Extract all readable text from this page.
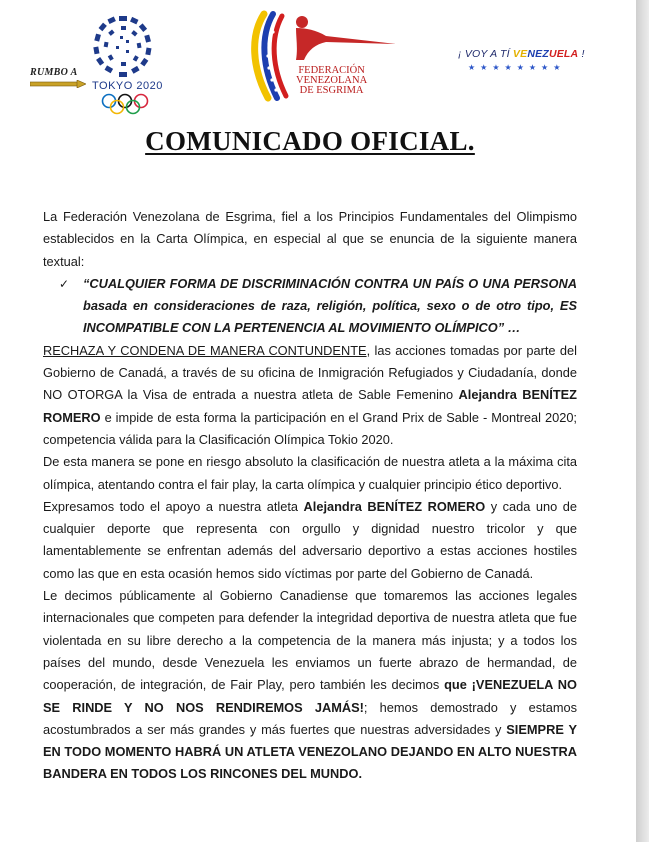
RUMBO A
TOKYO 2020
FEDERACIÓN
VENEZOLANA
DE ESGRIMA
¡ VOY A TÍ VENEZUELA !
★★★★★★★★
COMUNICADO OFICIAL.

La Federación Venezolana de Esgrima, fiel a los Principios Fundamentales del Olimpismo establecidos en la Carta Olímpica, en especial al que se enuncia de la siguiente manera textual:

✓ “CUALQUIER FORMA DE DISCRIMINACIÓN CONTRA UN PAÍS O UNA PERSONA basada en consideraciones de raza, religión, política, sexo o de otro tipo, ES INCOMPATIBLE CON LA PERTENENCIA AL MOVIMIENTO OLÍMPICO” …

RECHAZA Y CONDENA DE MANERA CONTUNDENTE, las acciones tomadas por parte del Gobierno de Canadá, a través de su oficina de Inmigración Refugiados y Ciudadanía, donde NO OTORGA la Visa de entrada a nuestra atleta de Sable Femenino Alejandra BENÍTEZ ROMERO e impide de esta forma la participación en el Grand Prix de Sable - Montreal 2020; competencia válida para la Clasificación Olímpica Tokio 2020.

De esta manera se pone en riesgo absoluto la clasificación de nuestra atleta a la máxima cita olímpica, atentando contra el fair play, la carta olímpica y cualquier principio ético deportivo.

Expresamos todo el apoyo a nuestra atleta Alejandra BENÍTEZ ROMERO y cada uno de cualquier deporte que representa con orgullo y dignidad nuestro tricolor y que lamentablemente se enfrentan además del adversario deportivo a estas acciones hostiles como las que en esta ocasión hemos sido víctimas por parte del Gobierno de Canadá.

Le decimos públicamente al Gobierno Canadiense que tomaremos las acciones legales internacionales que competen para defender la integridad deportiva de nuestra atleta que fue violentada en su libre derecho a la competencia de la manera más injusta; y a todos los países del mundo, desde Venezuela les enviamos un fuerte abrazo de hermandad, de cooperación, de integración, de Fair Play, pero también les decimos que ¡VENEZUELA NO SE RINDE Y NO NOS RENDIREMOS JAMÁS!; hemos demostrado y estamos acostumbrados a ser más grandes y más fuertes que nuestras adversidades y SIEMPRE Y EN TODO MOMENTO HABRÁ UN ATLETA VENEZOLANO DEJANDO EN ALTO NUESTRA BANDERA EN TODOS LOS RINCONES DEL MUNDO.
